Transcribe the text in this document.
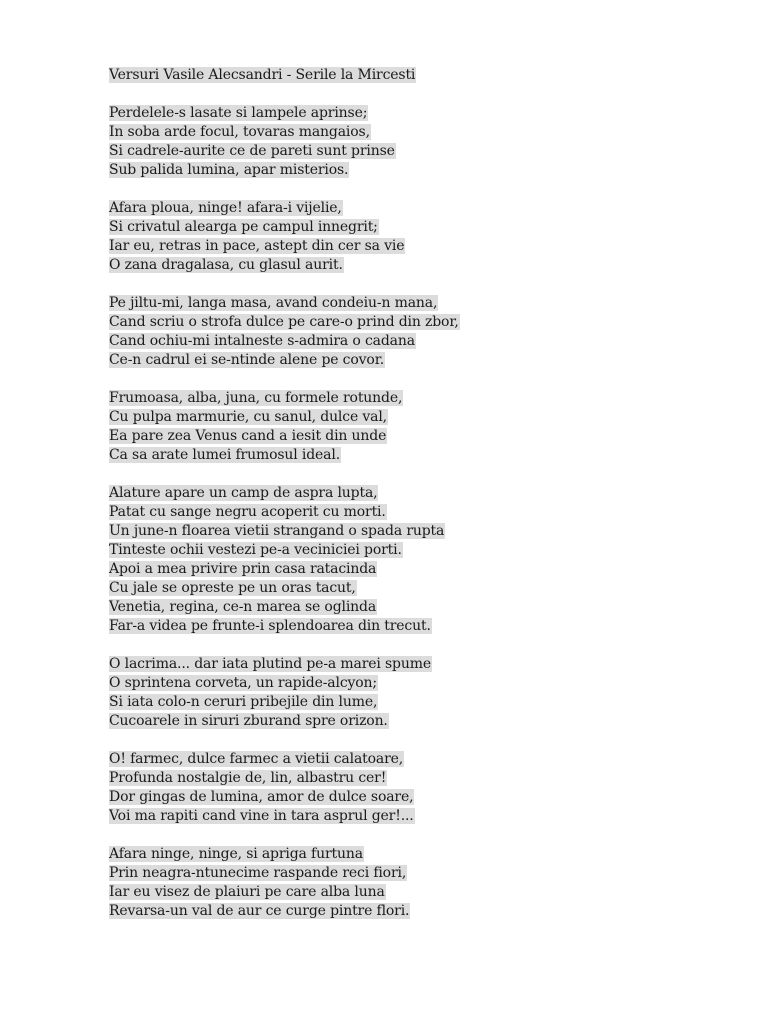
Versuri Vasile Alecsandri - Serile la Mircesti
Perdelele-s lasate si lampele aprinse;
In soba arde focul, tovaras mangaios,
Si cadrele-aurite ce de pareti sunt prinse
Sub palida lumina, apar misterios.
Afara ploua, ninge! afara-i vijelie,
Si crivatul alearga pe campul innegrit;
Iar eu, retras in pace, astept din cer sa vie
O zana dragalasa, cu glasul aurit.
Pe jiltu-mi, langa masa, avand condeiu-n mana,
Cand scriu o strofa dulce pe care-o prind din zbor,
Cand ochiu-mi intalneste s-admira o cadana
Ce-n cadrul ei se-ntinde alene pe covor.
Frumoasa, alba, juna, cu formele rotunde,
Cu pulpa marmurie, cu sanul, dulce val,
Ea pare zea Venus cand a iesit din unde
Ca sa arate lumei frumosul ideal.
Alature apare un camp de aspra lupta,
Patat cu sange negru acoperit cu morti.
Un june-n floarea vietii strangand o spada rupta
Tinteste ochii vestezi pe-a veciniciei porti.
Apoi a mea privire prin casa ratacinda
Cu jale se opreste pe un oras tacut,
Venetia, regina, ce-n marea se oglinda
Far-a videa pe frunte-i splendoarea din trecut.
O lacrima... dar iata plutind pe-a marei spume
O sprintena corveta, un rapide-alcyon;
Si iata colo-n ceruri pribejile din lume,
Cucoarele in siruri zburand spre orizon.
O! farmec, dulce farmec a vietii calatoare,
Profunda nostalgie de, lin, albastru cer!
Dor gingas de lumina, amor de dulce soare,
Voi ma rapiti cand vine in tara asprul ger!...
Afara ninge, ninge, si apriga furtuna
Prin neagra-ntunecime raspande reci fiori,
Iar eu visez de plaiuri pe care alba luna
Revarsa-un val de aur ce curge pintre flori.
